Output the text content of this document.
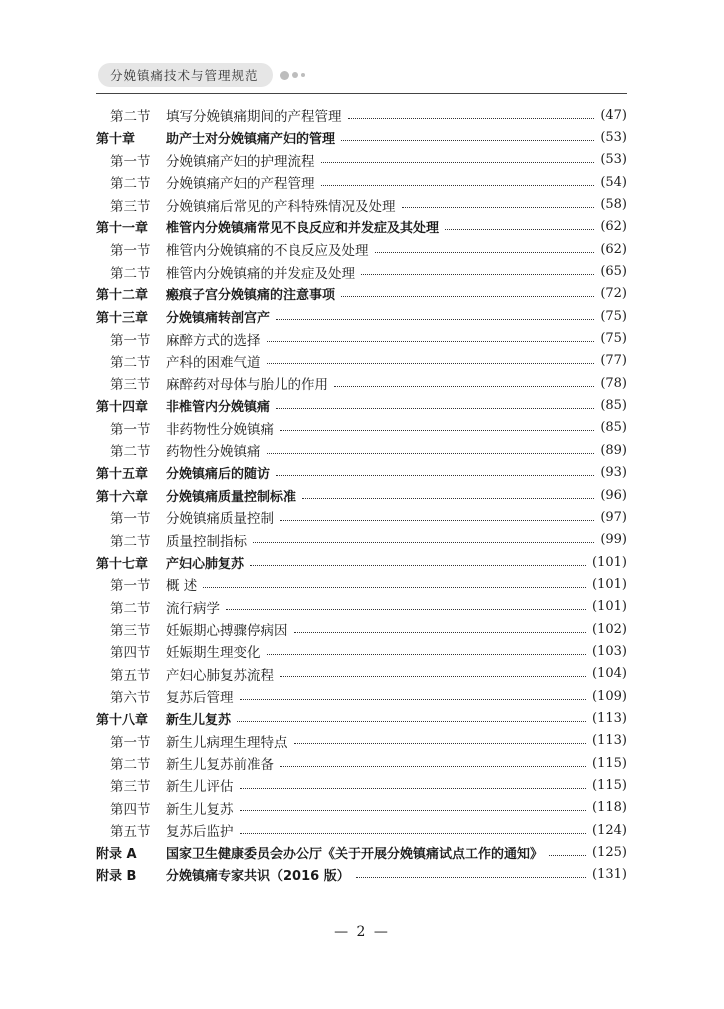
分娩镇痛技术与管理规范
第二节	填写分娩镇痛期间的产程管理	(47)
第十章	助产士对分娩镇痛产妇的管理	(53)
第一节	分娩镇痛产妇的护理流程	(53)
第二节	分娩镇痛产妇的产程管理	(54)
第三节	分娩镇痛后常见的产科特殊情况及处理	(58)
第十一章	椎管内分娩镇痛常见不良反应和并发症及其处理	(62)
第一节	椎管内分娩镇痛的不良反应及处理	(62)
第二节	椎管内分娩镇痛的并发症及处理	(65)
第十二章	瘢痕子宫分娩镇痛的注意事项	(72)
第十三章	分娩镇痛转剖宫产	(75)
第一节	麻醉方式的选择	(75)
第二节	产科的困难气道	(77)
第三节	麻醉药对母体与胎儿的作用	(78)
第十四章	非椎管内分娩镇痛	(85)
第一节	非药物性分娩镇痛	(85)
第二节	药物性分娩镇痛	(89)
第十五章	分娩镇痛后的随访	(93)
第十六章	分娩镇痛质量控制标准	(96)
第一节	分娩镇痛质量控制	(97)
第二节	质量控制指标	(99)
第十七章	产妇心肺复苏	(101)
第一节	概 述	(101)
第二节	流行病学	(101)
第三节	妊娠期心搏骤停病因	(102)
第四节	妊娠期生理变化	(103)
第五节	产妇心肺复苏流程	(104)
第六节	复苏后管理	(109)
第十八章	新生儿复苏	(113)
第一节	新生儿病理生理特点	(113)
第二节	新生儿复苏前准备	(115)
第三节	新生儿评估	(115)
第四节	新生儿复苏	(118)
第五节	复苏后监护	(124)
附录 A	国家卫生健康委员会办公厅《关于开展分娩镇痛试点工作的通知》	(125)
附录 B	分娩镇痛专家共识（2016 版）	(131)
— 2 —
